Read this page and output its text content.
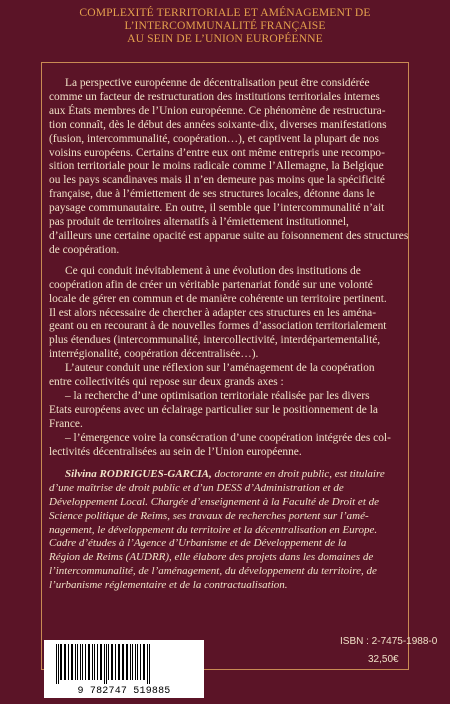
COMPLEXITÉ TERRITORIALE ET AMÉNAGEMENT DE
L’INTERCOMMUNALITÉ FRANÇAISE
AU SEIN DE L’UNION EUROPÉENNE

La perspective européenne de décentralisation peut être considérée
comme un facteur de restructuration des institutions territoriales internes
aux États membres de l’Union européenne. Ce phénomène de restructura-
tion connaît, dès le début des années soixante-dix, diverses manifestations
(fusion, intercommunalité, coopération…), et captivent la plupart de nos
voisins européens. Certains d’entre eux ont même entrepris une recompo-
sition territoriale pour le moins radicale comme l’Allemagne, la Belgique
ou les pays scandinaves mais il n’en demeure pas moins que la spécificité
française, due à l’émiettement de ses structures locales, détonne dans le
paysage communautaire. En outre, il semble que l’intercommunalité n’ait
pas produit de territoires alternatifs à l’émiettement institutionnel,
d’ailleurs une certaine opacité est apparue suite au foisonnement des structures
de coopération.

Ce qui conduit inévitablement à une évolution des institutions de
coopération afin de créer un véritable partenariat fondé sur une volonté
locale de gérer en commun et de manière cohérente un territoire pertinent.
Il est alors nécessaire de chercher à adapter ces structures en les aména-
geant ou en recourant à de nouvelles formes d’association territorialement
plus étendues (intercommunalité, intercollectivité, interdépartementalité,
interrégionalité, coopération décentralisée…).

L’auteur conduit une réflexion sur l’aménagement de la coopération
entre collectivités qui repose sur deux grands axes :

– la recherche d’une optimisation territoriale réalisée par les divers
Etats européens avec un éclairage particulier sur le positionnement de la
France.

– l’émergence voire la consécration d’une coopération intégrée des col-
lectivités décentralisées au sein de l’Union européenne.

Silvina RODRIGUES-GARCIA, doctorante en droit public, est titulaire
d’une maîtrise de droit public et d’un DESS d’Administration et de
Développement Local. Chargée d’enseignement à la Faculté de Droit et de
Science politique de Reims, ses travaux de recherches portent sur l’amé-
nagement, le développement du territoire et la décentralisation en Europe.
Cadre d’études à l’Agence d’Urbanisme et de Développement de la
Région de Reims (AUDRR), elle élabore des projets dans les domaines de
l’intercommunalité, de l’aménagement, du développement du territoire, de
l’urbanisme réglementaire et de la contractualisation.

ISBN : 2-7475-1988-0
32,50€
9 782747 519885
